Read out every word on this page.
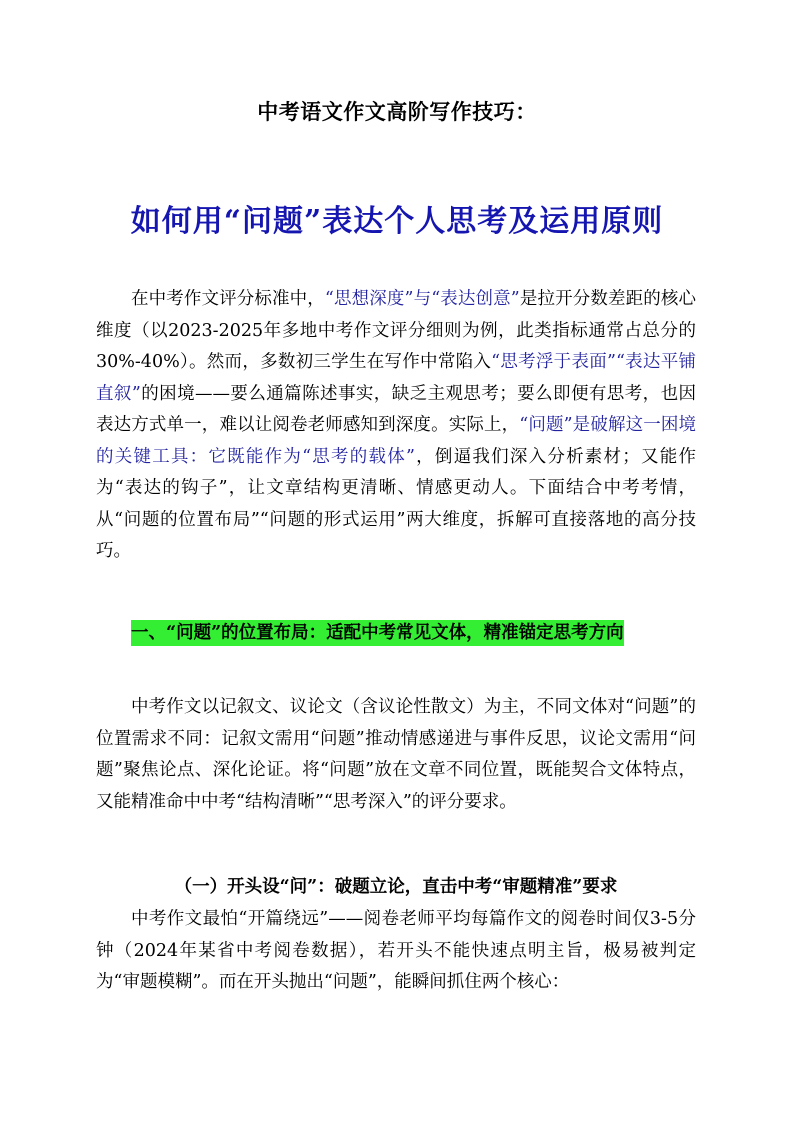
中考语文作文高阶写作技巧：
如何用“问题”表达个人思考及运用原则

在中考作文评分标准中，“思想深度”与“表达创意”是拉开分数差距的核心维度（以2023-2025年多地中考作文评分细则为例，此类指标通常占总分的30%-40%）。然而，多数初三学生在写作中常陷入“思考浮于表面”“表达平铺直叙”的困境——要么通篇陈述事实，缺乏主观思考；要么即便有思考，也因表达方式单一，难以让阅卷老师感知到深度。实际上，“问题”是破解这一困境的关键工具：它既能作为“思考的载体”，倒逼我们深入分析素材；又能作为“表达的钩子”，让文章结构更清晰、情感更动人。下面结合中考考情，从“问题的位置布局”“问题的形式运用”两大维度，拆解可直接落地的高分技巧。

一、“问题”的位置布局：适配中考常见文体，精准锚定思考方向

中考作文以记叙文、议论文（含议论性散文）为主，不同文体对“问题”的位置需求不同：记叙文需用“问题”推动情感递进与事件反思，议论文需用“问题”聚焦论点、深化论证。将“问题”放在文章不同位置，既能契合文体特点，又能精准命中中考“结构清晰”“思考深入”的评分要求。

（一）开头设“问”：破题立论，直击中考“审题精准”要求

中考作文最怕“开篇绕远”——阅卷老师平均每篇作文的阅卷时间仅3-5分钟（2024年某省中考阅卷数据），若开头不能快速点明主旨，极易被判定为“审题模糊”。而在开头抛出“问题”，能瞬间抓住两个核心：
